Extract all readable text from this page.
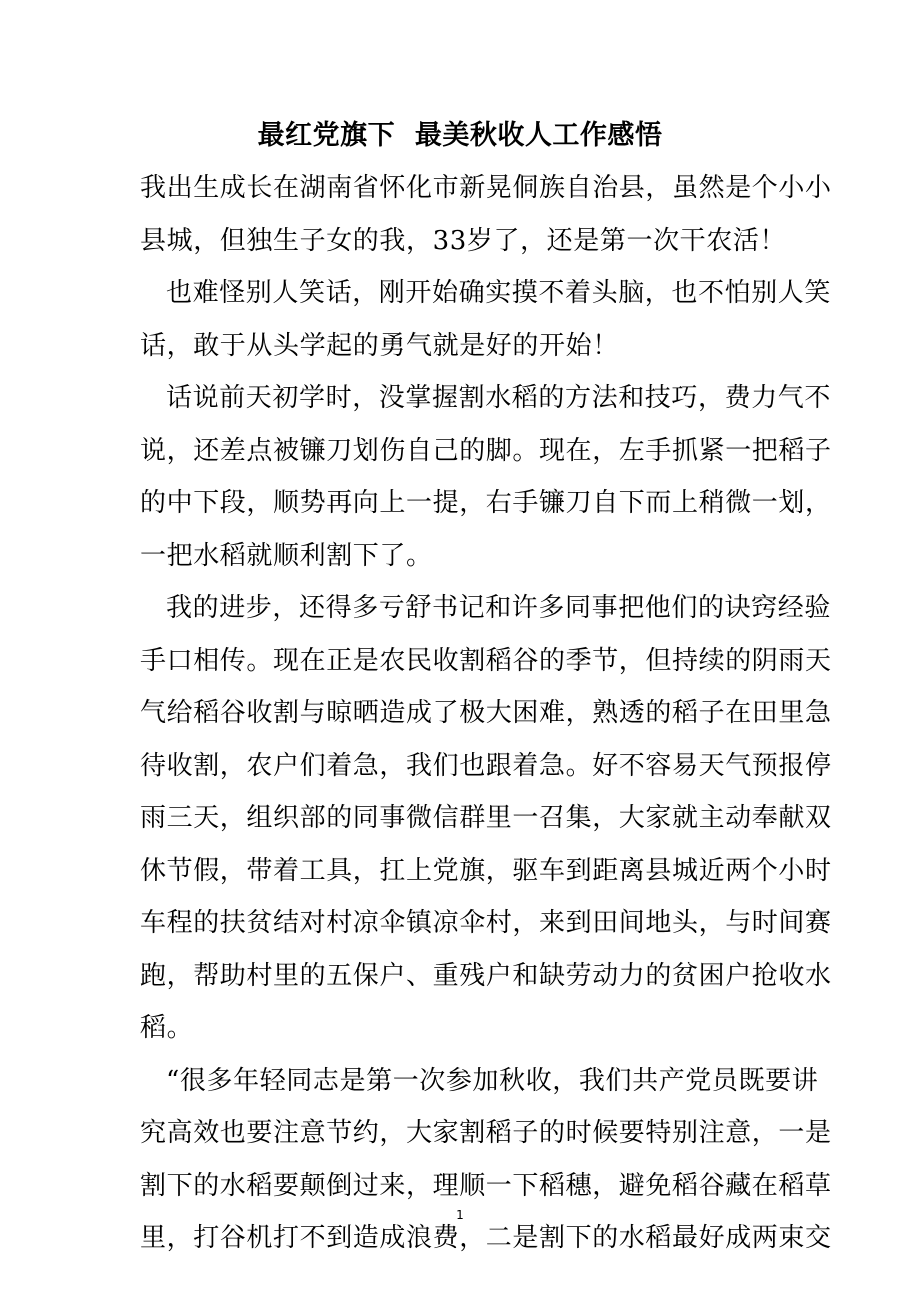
最红党旗下  最美秋收人工作感悟
我出生成长在湖南省怀化市新晃侗族自治县，虽然是个小小
县城，但独生子女的我，33岁了，还是第一次干农活！
也难怪别人笑话，刚开始确实摸不着头脑，也不怕别人笑
话，敢于从头学起的勇气就是好的开始！
话说前天初学时，没掌握割水稻的方法和技巧，费力气不
说，还差点被镰刀划伤自己的脚。现在，左手抓紧一把稻子
的中下段，顺势再向上一提，右手镰刀自下而上稍微一划，
一把水稻就顺利割下了。
我的进步，还得多亏舒书记和许多同事把他们的诀窍经验
手口相传。现在正是农民收割稻谷的季节，但持续的阴雨天
气给稻谷收割与晾晒造成了极大困难，熟透的稻子在田里急
待收割，农户们着急，我们也跟着急。好不容易天气预报停
雨三天，组织部的同事微信群里一召集，大家就主动奉献双
休节假，带着工具，扛上党旗，驱车到距离县城近两个小时
车程的扶贫结对村凉伞镇凉伞村，来到田间地头，与时间赛
跑，帮助村里的五保户、重残户和缺劳动力的贫困户抢收水
稻。
“很多年轻同志是第一次参加秋收，我们共产党员既要讲
究高效也要注意节约，大家割稻子的时候要特别注意，一是
割下的水稻要颠倒过来，理顺一下稻穗，避免稻谷藏在稻草
里，打谷机打不到造成浪费，二是割下的水稻最好成两束交
1
